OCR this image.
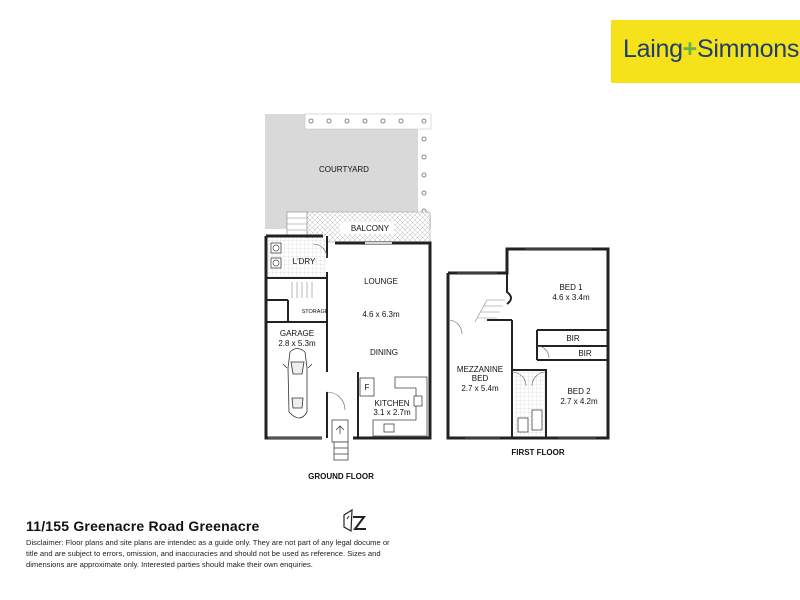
Laing+Simmons
COURTYARD
BALCONY
L'DRY
LOUNGE
4.6 x 6.3m
STORAGE
GARAGE
2.8 x 5.3m
DINING
F
KITCHEN
3.1 x 2.7m
GROUND FLOOR
BED 1
4.6 x 3.4m
BIR
BIR
MEZZANINE
BED
2.7 x 5.4m	BED 2
2.7 x 4.2m
FIRST FLOOR
11/155 Greenacre Road Greenacre
Disclaimer: Floor plans and site plans are intendec as a guide only. They are not part of any legal docume or title and are subject to errors, omission, and inaccuracies and should not be used as reference. Sizes and dimensions are approximate only. Interested parties should make their own enquiries.
